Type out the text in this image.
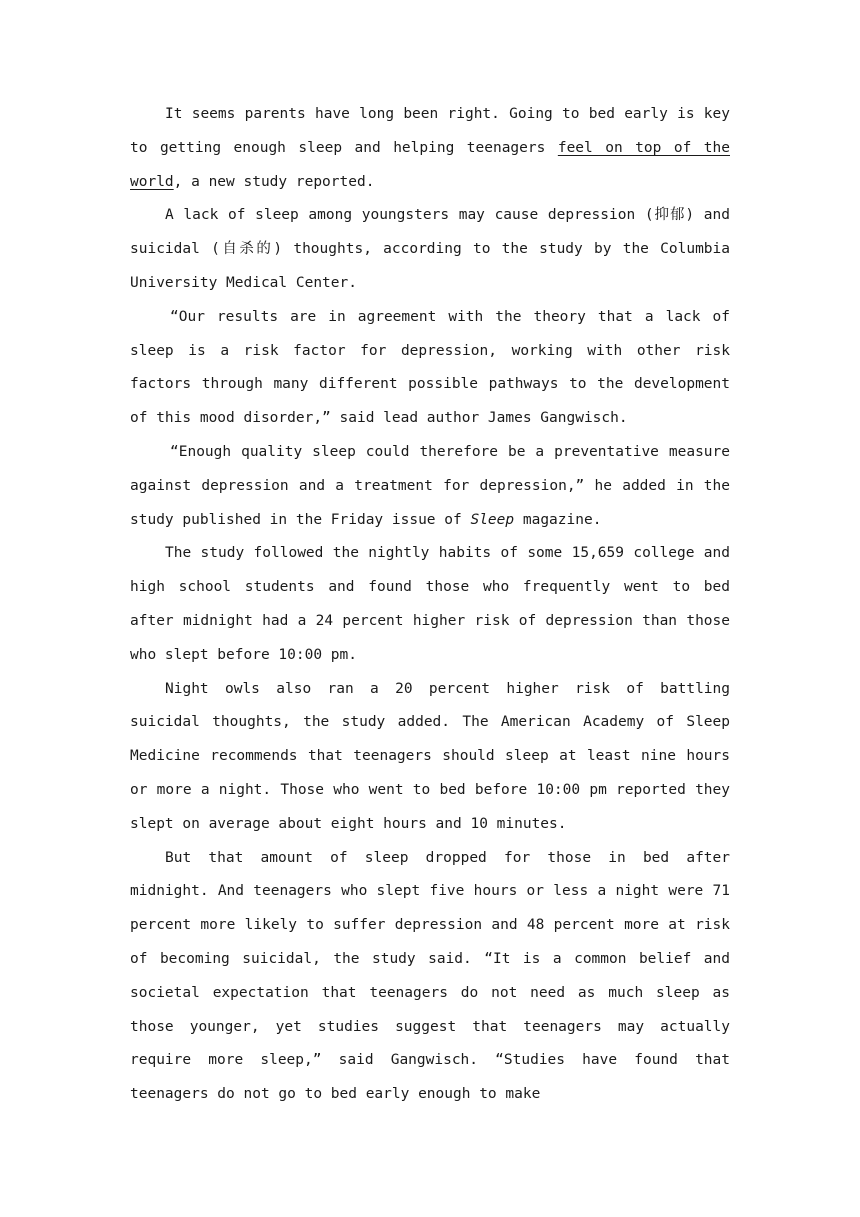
It seems parents have long been right. Going to bed early is key to getting enough sleep and helping teenagers feel on top of the world, a new study reported.

A lack of sleep among youngsters may cause depression (抑郁) and suicidal (自杀的) thoughts, according to the study by the Columbia University Medical Center.

“Our results are in agreement with the theory that a lack of sleep is a risk factor for depression, working with other risk factors through many different possible pathways to the development of this mood disorder,” said lead author James Gangwisch.

“Enough quality sleep could therefore be a preventative measure against depression and a treatment for depression,” he added in the study published in the Friday issue of Sleep magazine.

The study followed the nightly habits of some 15,659 college and high school students and found those who frequently went to bed after midnight had a 24 percent higher risk of depression than those who slept before 10:00 pm.

Night owls also ran a 20 percent higher risk of battling suicidal thoughts, the study added. The American Academy of Sleep Medicine recommends that teenagers should sleep at least nine hours or more a night. Those who went to bed before 10:00 pm reported they slept on average about eight hours and 10 minutes.

But that amount of sleep dropped for those in bed after midnight. And teenagers who slept five hours or less a night were 71 percent more likely to suffer depression and 48 percent more at risk of becoming suicidal, the study said. “It is a common belief and societal expectation that teenagers do not need as much sleep as those younger, yet studies suggest that teenagers may actually require more sleep,” said Gangwisch. “Studies have found that teenagers do not go to bed early enough to make
